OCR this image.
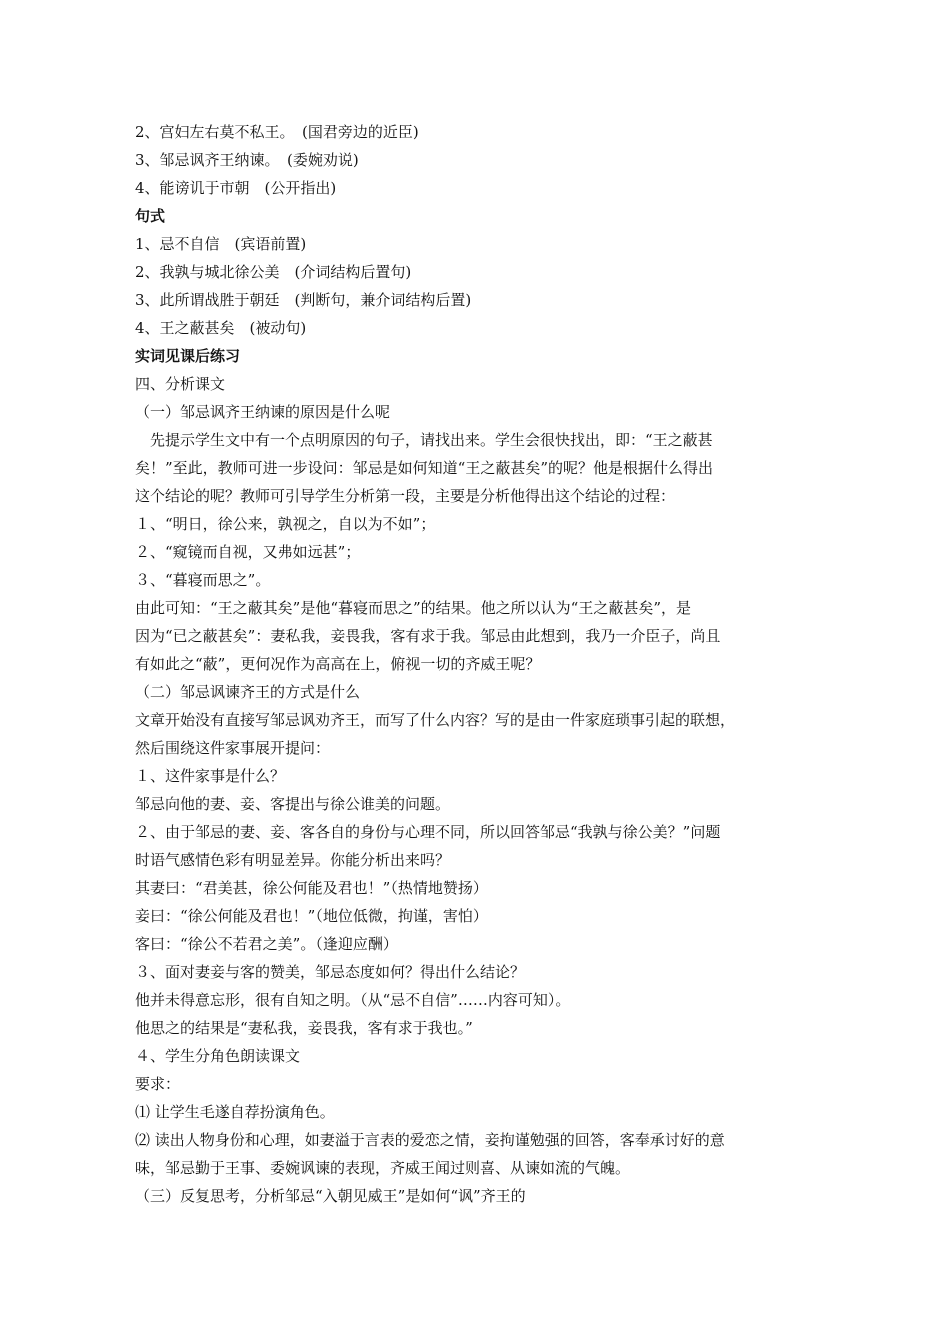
2、宫妇左右莫不私王。　(国君旁边的近臣)
3、邹忌讽齐王纳谏。　(委婉劝说)
4、能谤讥于市朝　(公开指出)
句式
1、忌不自信　(宾语前置)
2、我孰与城北徐公美　(介词结构后置句)
3、此所谓战胜于朝廷　(判断句，兼介词结构后置)
4、王之蔽甚矣　(被动句)
实词见课后练习
四、分析课文
（一）邹忌讽齐王纳谏的原因是什么呢
　先提示学生文中有一个点明原因的句子，请找出来。学生会很快找出，即：“王之蔽甚
矣！”至此，教师可进一步设问：邹忌是如何知道“王之蔽甚矣”的呢？他是根据什么得出
这个结论的呢？教师可引导学生分析第一段，主要是分析他得出这个结论的过程：
１、“明日，徐公来，孰视之，自以为不如”；
２、“窥镜而自视，又弗如远甚”；
３、“暮寝而思之”。
由此可知：“王之蔽其矣”是他“暮寝而思之”的结果。他之所以认为“王之蔽甚矣”，是
因为“已之蔽甚矣”：妻私我，妾畏我，客有求于我。邹忌由此想到，我乃一介臣子，尚且
有如此之“蔽”，更何况作为高高在上，俯视一切的齐威王呢？
（二）邹忌讽谏齐王的方式是什么
文章开始没有直接写邹忌讽劝齐王，而写了什么内容？写的是由一件家庭琐事引起的联想，
然后围绕这件家事展开提问：
１、这件家事是什么？
邹忌向他的妻、妾、客提出与徐公谁美的问题。
２、由于邹忌的妻、妾、客各自的身份与心理不同，所以回答邹忌“我孰与徐公美？”问题
时语气感情色彩有明显差异。你能分析出来吗？
其妻曰：“君美甚，徐公何能及君也！”（热情地赞扬）
妾曰：“徐公何能及君也！”（地位低微，拘谨，害怕）
客曰：“徐公不若君之美”。（逢迎应酬）
３、面对妻妾与客的赞美，邹忌态度如何？得出什么结论？
他并未得意忘形，很有自知之明。（从“忌不自信”……内容可知）。
他思之的结果是“妻私我，妾畏我，客有求于我也。”
４、学生分角色朗读课文
要求：
⑴ 让学生毛遂自荐扮演角色。
⑵ 读出人物身份和心理，如妻溢于言表的爱恋之情，妾拘谨勉强的回答，客奉承讨好的意
味，邹忌勤于王事、委婉讽谏的表现，齐威王闻过则喜、从谏如流的气魄。
（三）反复思考，分析邹忌“入朝见威王”是如何“讽”齐王的
